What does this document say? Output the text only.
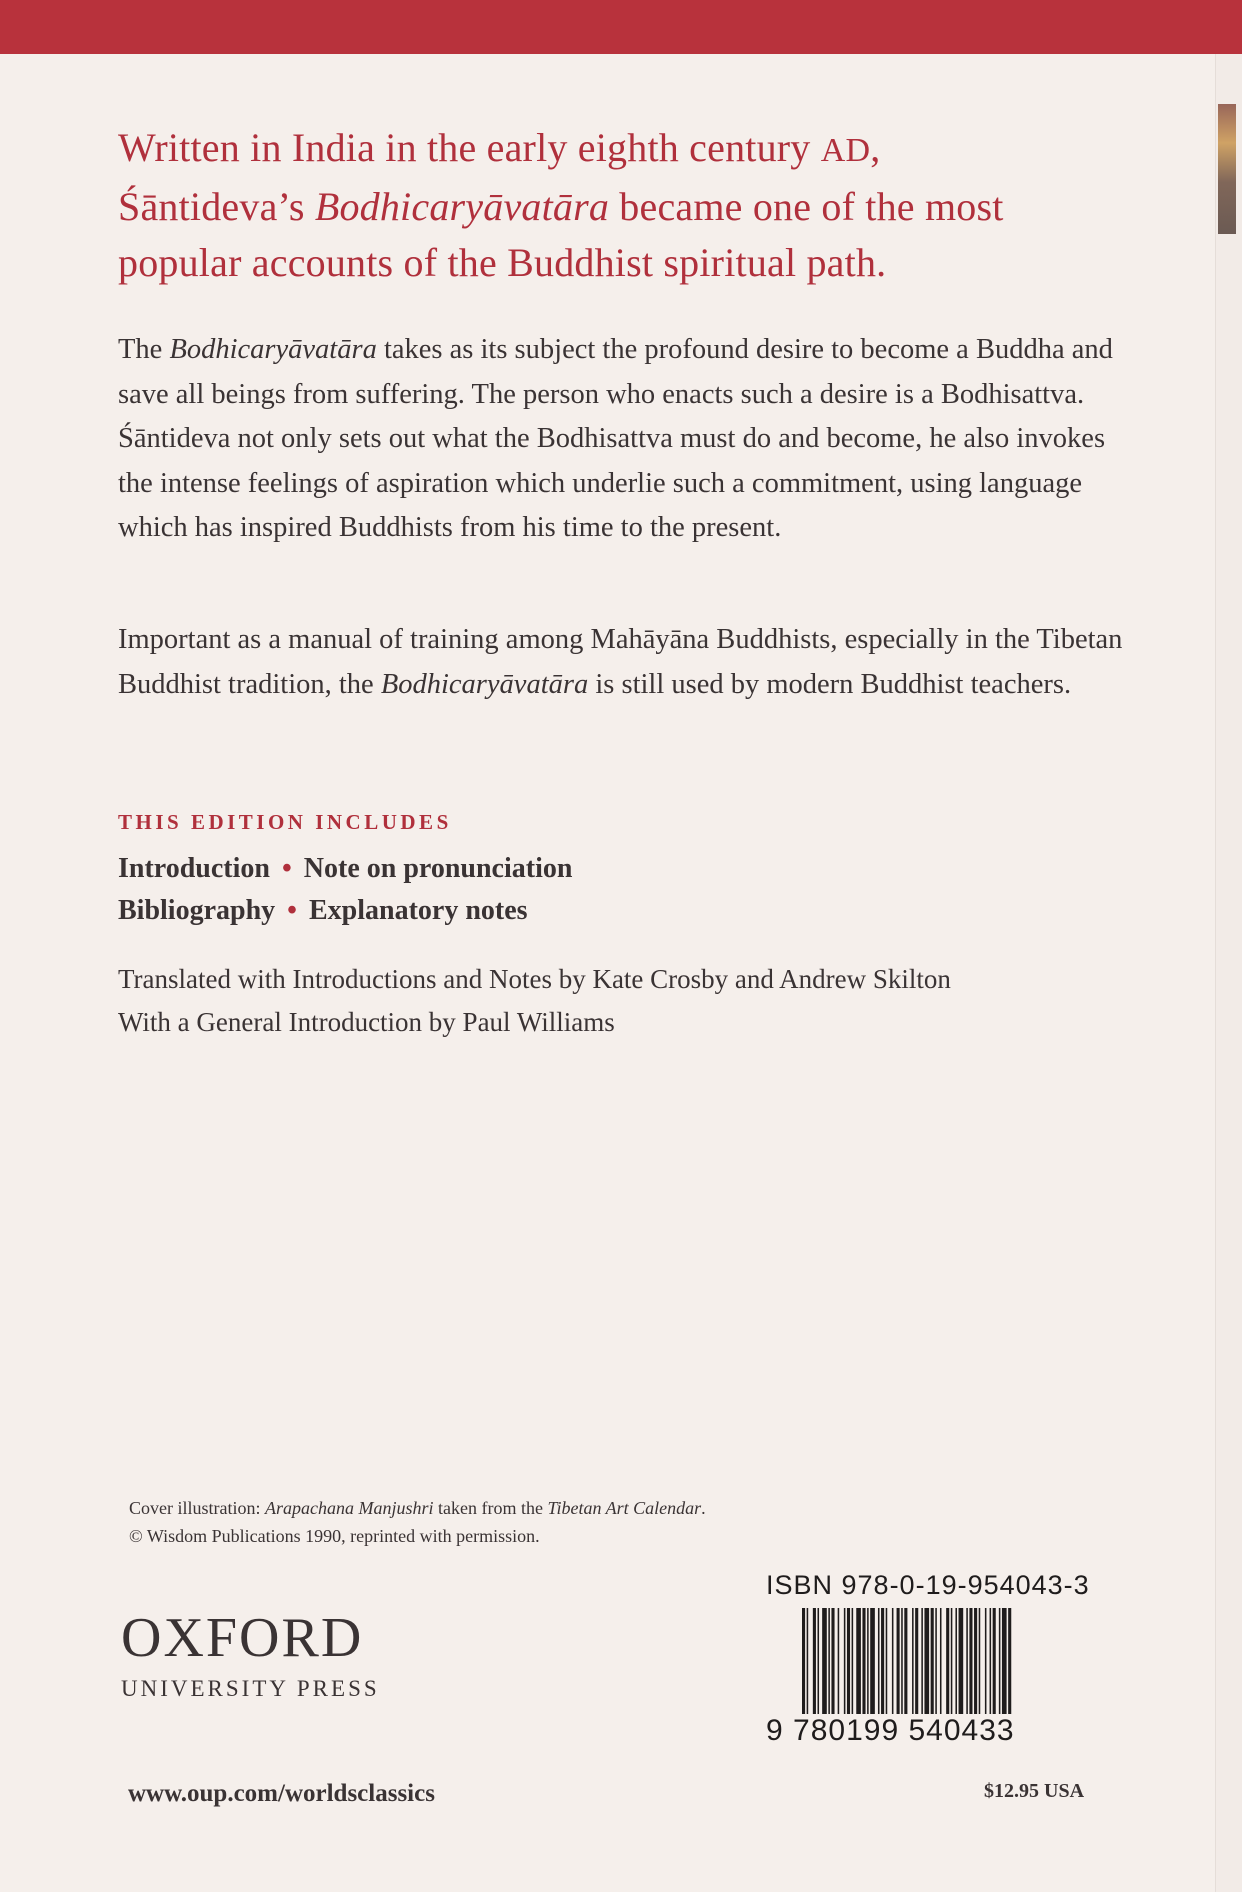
Written in India in the early eighth century AD,
Śāntideva’s Bodhicaryāvatāra became one of the most
popular accounts of the Buddhist spiritual path.

The Bodhicaryāvatāra takes as its subject the profound desire to become a Buddha and save all beings from suffering. The person who enacts such a desire is a Bodhisattva. Śāntideva not only sets out what the Bodhisattva must do and become, he also invokes the intense feelings of aspiration which underlie such a commitment, using language which has inspired Buddhists from his time to the present.

Important as a manual of training among Mahāyāna Buddhists, especially in the Tibetan Buddhist tradition, the Bodhicaryāvatāra is still used by modern Buddhist teachers.

THIS EDITION INCLUDES

Introduction • Note on pronunciation

Bibliography • Explanatory notes

Translated with Introductions and Notes by Kate Crosby and Andrew Skilton
With a General Introduction by Paul Williams

Cover illustration: Arapachana Manjushri taken from the Tibetan Art Calendar.
© Wisdom Publications 1990, reprinted with permission.

OXFORD
UNIVERSITY PRESS
ISBN 978-0-19-954043-3
9 780199 540433
www.oup.com/worldsclassics	$12.95 USA
